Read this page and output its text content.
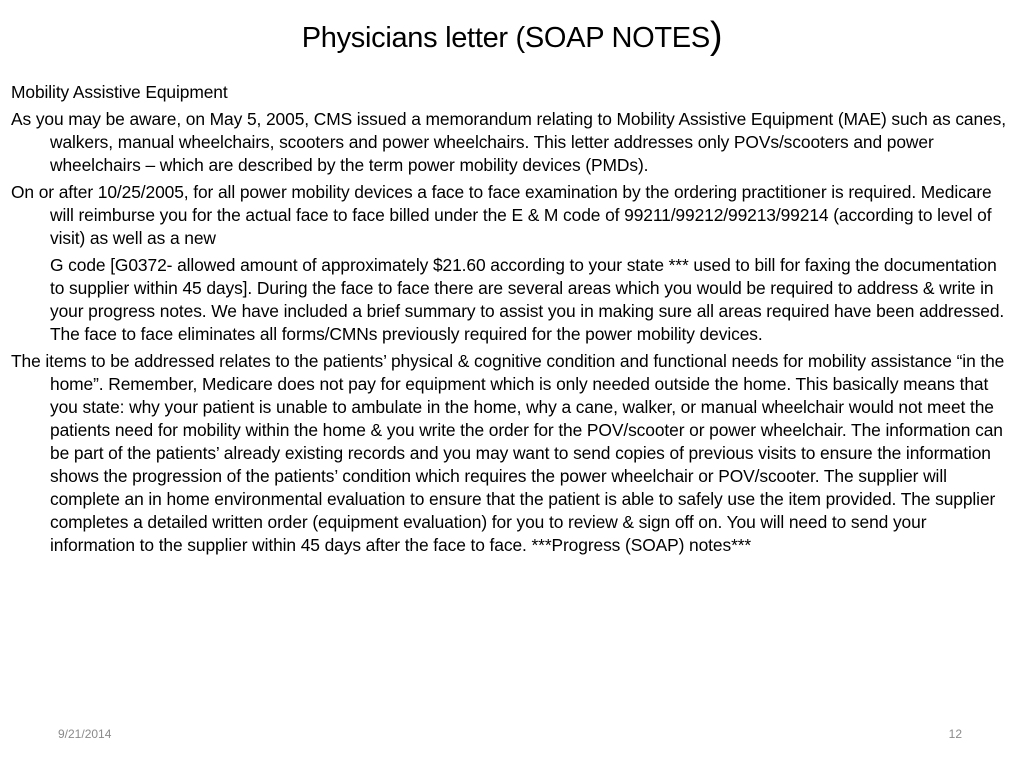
Physicians letter (SOAP NOTES)

Mobility Assistive Equipment

As you may be aware, on May 5, 2005, CMS issued a memorandum relating to Mobility Assistive Equipment (MAE) such as canes, walkers, manual wheelchairs, scooters and power wheelchairs. This letter addresses only POVs/scooters and power wheelchairs – which are described by the term power mobility devices (PMDs).

On or after 10/25/2005, for all power mobility devices a face to face examination by the ordering practitioner is required. Medicare will reimburse you for the actual face to face billed under the E & M code of 99211/99212/99213/99214 (according to level of visit) as well as a new

G code [G0372- allowed amount of approximately $21.60 according to your state *** used to bill for faxing the documentation to supplier within 45 days]. During the face to face there are several areas which you would be required to address & write in your progress notes. We have included a brief summary to assist you in making sure all areas required have been addressed. The face to face eliminates all forms/CMNs previously required for the power mobility devices.

The items to be addressed relates to the patients’ physical & cognitive condition and functional needs for mobility assistance “in the home”. Remember, Medicare does not pay for equipment which is only needed outside the home. This basically means that you state: why your patient is unable to ambulate in the home, why a cane, walker, or manual wheelchair would not meet the patients need for mobility within the home & you write the order for the POV/scooter or power wheelchair. The information can be part of the patients’ already existing records and you may want to send copies of previous visits to ensure the information shows the progression of the patients’ condition which requires the power wheelchair or POV/scooter. The supplier will complete an in home environmental evaluation to ensure that the patient is able to safely use the item provided. The supplier completes a detailed written order (equipment evaluation) for you to review & sign off on. You will need to send your information to the supplier within 45 days after the face to face. ***Progress (SOAP) notes***

9/21/2014	12
